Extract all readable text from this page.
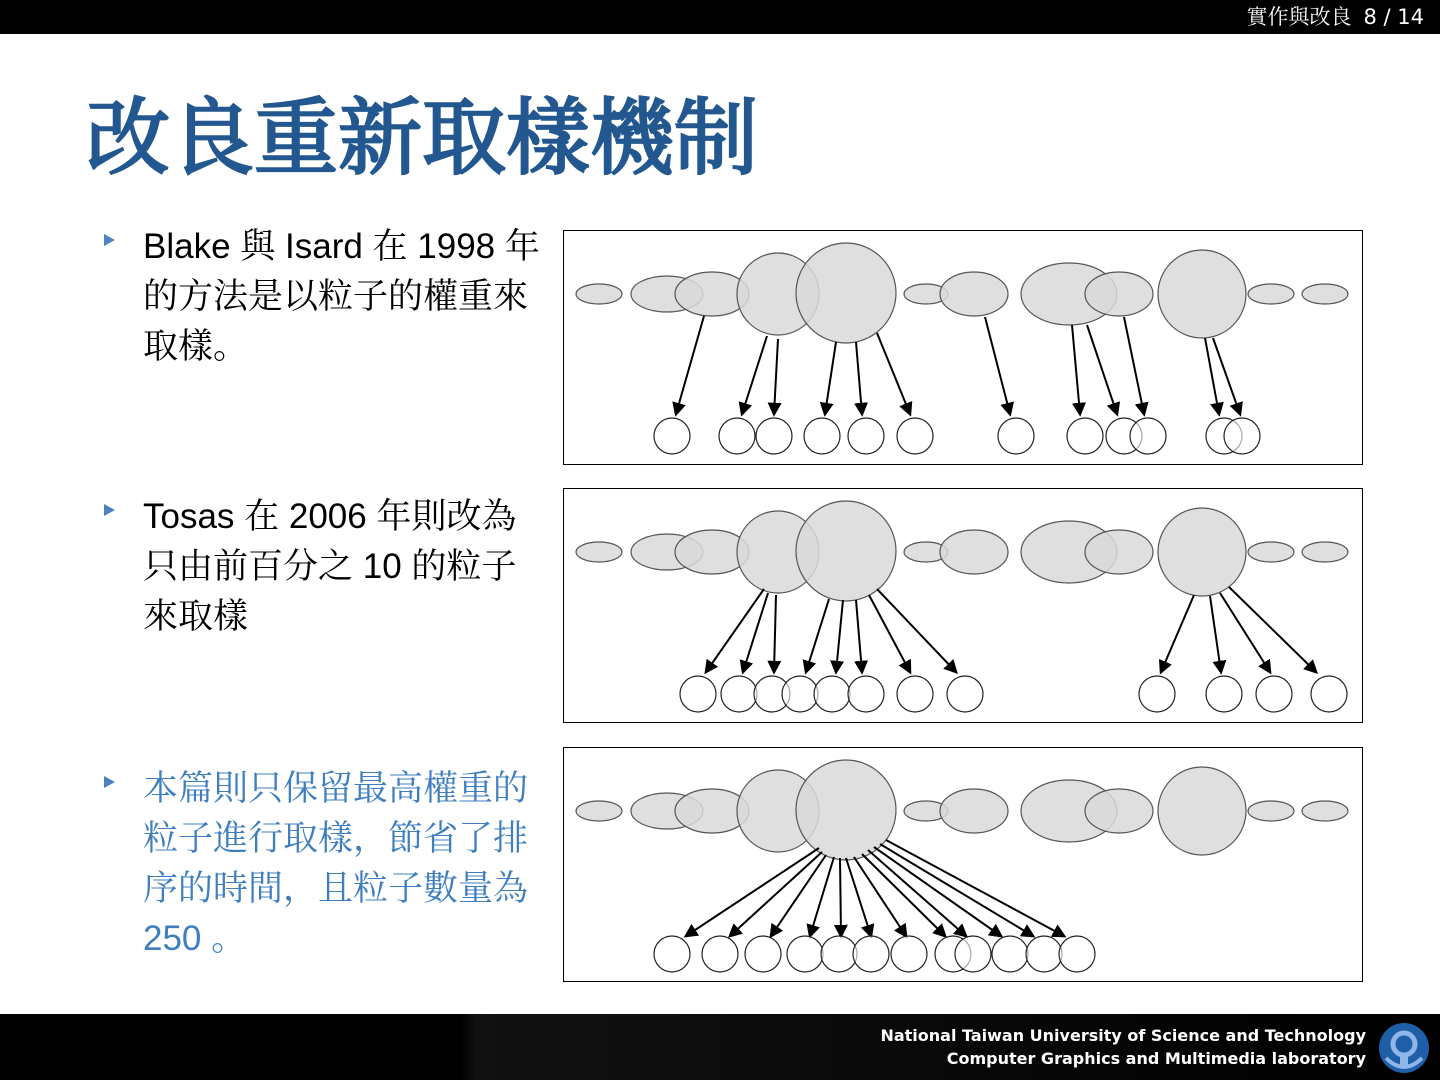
實作與改良 8 / 14
改良重新取樣機制
Blake 與 Isard 在 1998 年的方法是以粒子的權重來取樣。
Tosas 在 2006 年則改為只由前百分之 10 的粒子來取樣
本篇則只保留最高權重的粒子進行取樣，節省了排序的時間，且粒子數量為 250 。
National Taiwan University of Science and Technology
Computer Graphics and Multimedia laboratory
